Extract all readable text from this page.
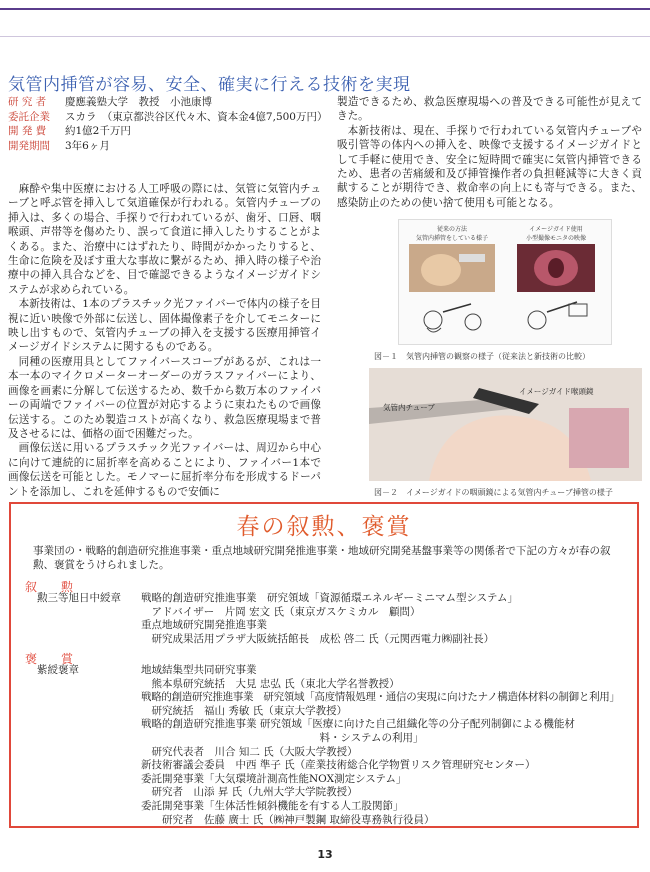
気管内挿管が容易、安全、確実に行える技術を実現
研 究 者	慶應義塾大学　教授　小池康博
委託企業	スカラ　（東京都渋谷区代々木、資本金4億7,500万円）
開 発 費	約1億2千万円
開発期間	3年6ヶ月

麻酔や集中医療における人工呼吸の際には、気管に気管内チューブと呼ぶ管を挿入して気道確保が行われる。気管内チューブの挿入は、多くの場合、手探りで行われているが、歯牙、口唇、咽喉頭、声帯等を傷めたり、誤って食道に挿入したりすることがよくある。また、治療中にはずれたり、時間がかかったりすると、生命に危険を及ぼす重大な事故に繋がるため、挿入時の様子や治療中の挿入具合などを、目で確認できるようなイメージガイドシステムが求められている。

本新技術は、1本のプラスチック光ファイバーで体内の様子を目視に近い映像で外部に伝送し、固体撮像素子を介してモニターに映し出すもので、気管内チューブの挿入を支援する医療用挿管イメージガイドシステムに関するものである。

同種の医療用具としてファイバースコープがあるが、これは一本一本のマイクロメーターオーダーのガラスファイバーにより、画像を画素に分解して伝送するため、数千から数万本のファイバーの両端でファイバーの位置が対応するように束ねたもので画像伝送する。このため製造コストが高くなり、救急医療現場まで普及させるには、価格の面で困難だった。

画像伝送に用いるプラスチック光ファイバーは、周辺から中心に向けて連続的に屈折率を高めることにより、ファイバー1本で画像伝送を可能とした。モノマーに屈折率分布を形成するドーパントを添加し、これを延伸するもので安価に

製造できるため、救急医療現場への普及できる可能性が見えてきた。

本新技術は、現在、手探りで行われている気管内チューブや吸引管等の体内への挿入を、映像で支援するイメージガイドとして手軽に使用でき、安全に短時間で確実に気管内挿管できるため、患者の苦痛緩和及び挿管操作者の負担軽減等に大きく貢献することが期待でき、救命率の向上にも寄与できる。また、感染防止のための使い捨て使用も可能となる。

従来の方法
気管内挿管をしている様子
イメージガイド使用
小型撮像モニタの映像
図－１　気管内挿管の観察の様子（従来法と新技術の比較）
気管内チューブ
イメージガイド喉頭鏡
図－２　イメージガイドの咽頭鏡による気管内チューブ挿管の様子
春の叙勲、褒賞
事業団の・戦略的創造研究推進事業・重点地域研究開発推進事業・地域研究開発基盤事業等の関係者で下記の方々が春の叙勲、褒賞をうけられました。
叙　勲
勲三等旭日中綬章 戦略的創造研究推進事業　研究領域「資源循環エネルギーミニマム型システム」
　アドバイザー　片岡 宏文 氏（東京ガスケミカル　顧問）
重点地域研究開発推進事業
　研究成果活用プラザ大阪統括館長　成松 啓二 氏（元関西電力㈱副社長）
褒　賞
紫綬褒章	地域結集型共同研究事業
　熊本県研究統括　大見 忠弘 氏（東北大学名誉教授）
戦略的創造研究推進事業　研究領域「高度情報処理・通信の実現に向けたナノ構造体材料の制御と利用」
　研究統括　福山 秀敏 氏（東京大学教授）
戦略的創造研究推進事業 研究領域「医療に向けた自己組織化等の分子配列制御による機能材
　　　　　　　　　　　　　　　　　料・システムの利用」
　研究代表者　川合 知二 氏（大阪大学教授）
新技術審議会委員　中西 準子 氏（産業技術総合化学物質リスク管理研究センター）
委託開発事業「大気環境計測高性能NOX測定システム」
　研究者　山添 昇 氏（九州大学大学院教授）
委託開発事業「生体活性傾斜機能を有する人工股関節」
　　研究者　佐藤 廣士 氏（㈱神戸製鋼 取締役専務執行役員）
13
